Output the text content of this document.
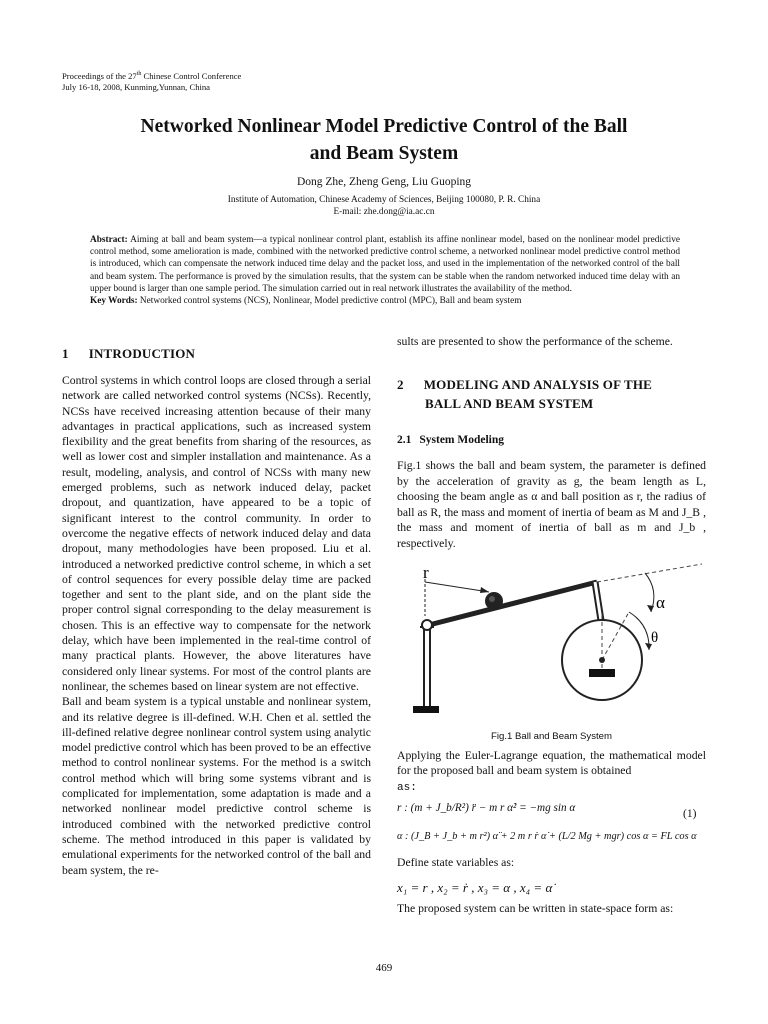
Proceedings of the 27th Chinese Control Conference
July 16-18, 2008, Kunming,Yunnan, China
Networked Nonlinear Model Predictive Control of the Ball
and Beam System
Dong Zhe, Zheng Geng, Liu Guoping
Institute of Automation, Chinese Academy of Sciences, Beijing 100080, P. R. China
E-mail: zhe.dong@ia.ac.cn

Abstract: Aiming at ball and beam system—a typical nonlinear control plant, establish its affine nonlinear model, based on the nonlinear model predictive control method, some amelioration is made, combined with the networked predictive control scheme, a networked nonlinear model predictive control method is introduced, which can compensate the network induced time delay and the packet loss, and used in the implementation of the networked control of the ball and beam system. The performance is proved by the simulation results, that the system can be stable when the random networked induced time delay with an upper bound is larger than one sample period. The simulation carried out in real network illustrates the availability of the method.

Key Words: Networked control systems (NCS), Nonlinear, Model predictive control (MPC), Ball and beam system

1 INTRODUCTION

Control systems in which control loops are closed through a serial network are called networked control systems (NCSs). Recently, NCSs have received increasing attention because of their many advantages in practical applications, such as increased system flexibility and the great benefits from sharing of the resources, as well as lower cost and simpler installation and maintenance. As a result, modeling, analysis, and control of NCSs with many new emerged problems, such as network induced delay, packet dropout, and quantization, have appeared to be a topic of significant interest to the control community. In order to overcome the negative effects of network induced delay and data dropout, many methodologies have been proposed. Liu et al. introduced a networked predictive control scheme, in which a set of control sequences for every possible delay time are packed together and sent to the plant side, and on the plant side the proper control signal corresponding to the delay measurement is chosen. This is an effective way to compensate for the network delay, which have been implemented in the real-time control of many practical plants. However, the above literatures have considered only linear systems. For most of the control plants are nonlinear, the schemes based on linear system are not effective.

Ball and beam system is a typical unstable and nonlinear system, and its relative degree is ill-defined. W.H. Chen et al. settled the ill-defined relative degree nonlinear control system using analytic model predictive control which has been proved to be an effective method to control nonlinear systems. For the method is a switch control method which will bring some systems vibrant and is complicated for implementation, some adaptation is made and a networked nonlinear model predictive control scheme is introduced combined with the networked predictive control scheme. The method introduced in this paper is validated by emulational experiments for the networked control of the ball and beam system, the re-

sults are presented to show the performance of the scheme.
2 MODELING AND ANALYSIS OF THE
BALL AND BEAM SYSTEM
2.1 System Modeling
Fig.1 shows the ball and beam system, the parameter is defined by the acceleration of gravity as g, the beam length as L, choosing the beam angle as α and ball position as r, the radius of ball as R, the mass and moment of inertia of beam as M and J_B , the mass and moment of inertia of ball as m and J_b , respectively.
r
α
θ
Fig.1 Ball and Beam System
Applying the Euler-Lagrange equation, the mathematical model for the proposed ball and beam system is obtained
as:
r : (m + J_b/R²) r̈ − m r α̇² = −mg sin α	(1)
α : (J_B + J_b + m r²) α̈ + 2 m r ṙ α̇ + (L/2 Mg + mgr) cos α = FL cos α
Define state variables as:
x₁ = r , x₂ = ṙ , x₃ = α , x₄ = α̇
The proposed system can be written in state-space form as:
469
